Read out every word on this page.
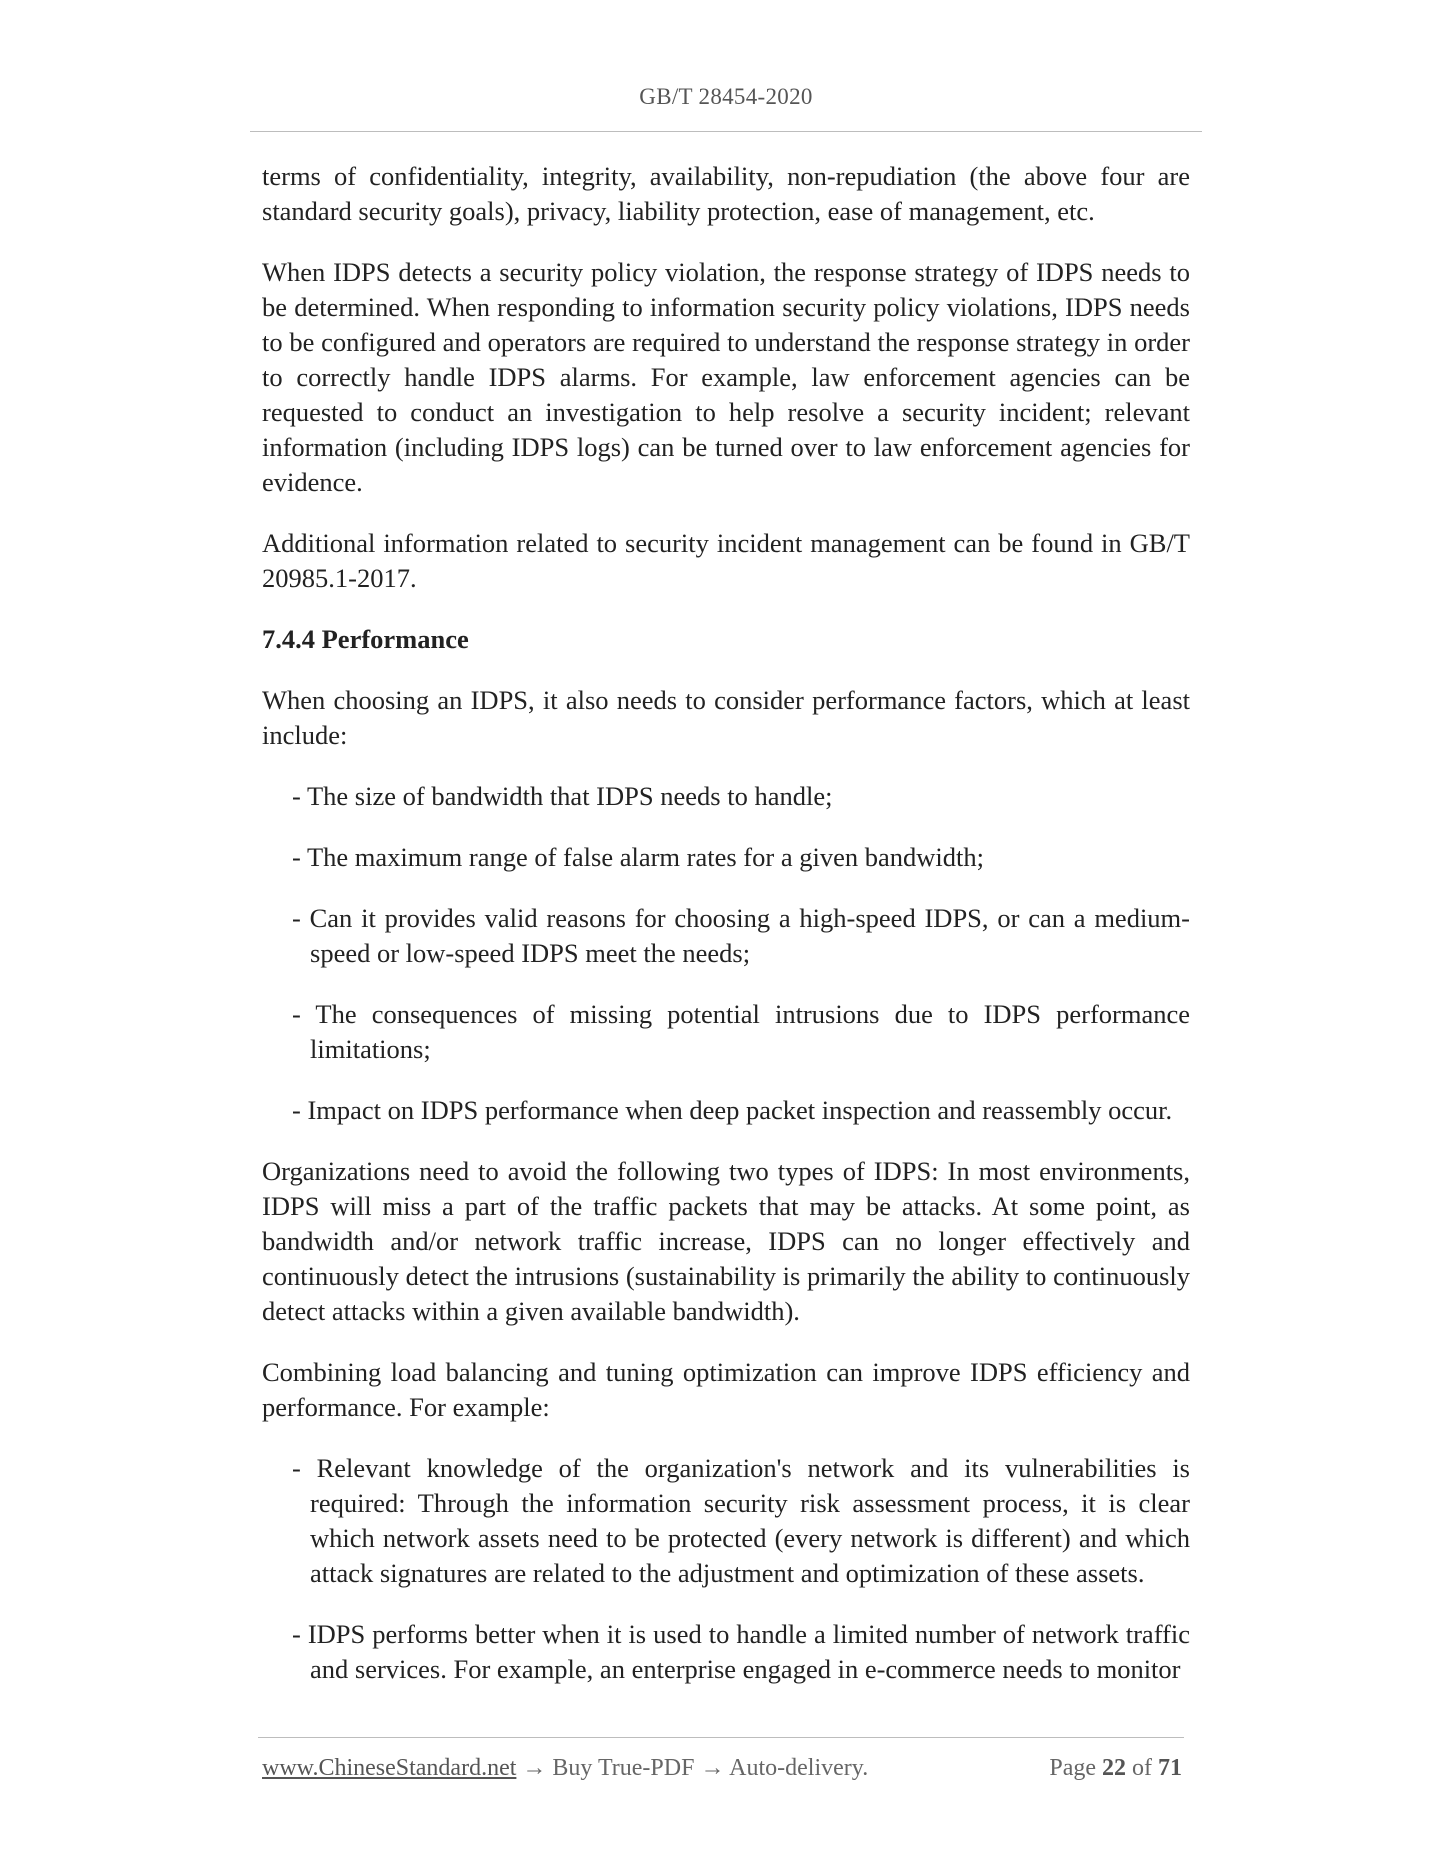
GB/T 28454-2020

terms of confidentiality, integrity, availability, non-repudiation (the above four are standard security goals), privacy, liability protection, ease of management, etc.

When IDPS detects a security policy violation, the response strategy of IDPS needs to be determined. When responding to information security policy violations, IDPS needs to be configured and operators are required to understand the response strategy in order to correctly handle IDPS alarms. For example, law enforcement agencies can be requested to conduct an investigation to help resolve a security incident; relevant information (including IDPS logs) can be turned over to law enforcement agencies for evidence.

Additional information related to security incident management can be found in GB/T 20985.1-2017.

7.4.4 Performance

When choosing an IDPS, it also needs to consider performance factors, which at least include:

- The size of bandwidth that IDPS needs to handle;
- The maximum range of false alarm rates for a given bandwidth;
- Can it provides valid reasons for choosing a high-speed IDPS, or can a medium-speed or low-speed IDPS meet the needs;
- The consequences of missing potential intrusions due to IDPS performance limitations;
- Impact on IDPS performance when deep packet inspection and reassembly occur.

Organizations need to avoid the following two types of IDPS: In most environments, IDPS will miss a part of the traffic packets that may be attacks. At some point, as bandwidth and/or network traffic increase, IDPS can no longer effectively and continuously detect the intrusions (sustainability is primarily the ability to continuously detect attacks within a given available bandwidth).

Combining load balancing and tuning optimization can improve IDPS efficiency and performance. For example:

- Relevant knowledge of the organization's network and its vulnerabilities is required: Through the information security risk assessment process, it is clear which network assets need to be protected (every network is different) and which attack signatures are related to the adjustment and optimization of these assets.
- IDPS performs better when it is used to handle a limited number of network traffic and services. For example, an enterprise engaged in e-commerce needs to monitor
www.ChineseStandard.net → Buy True-PDF → Auto-delivery.	Page 22 of 71
